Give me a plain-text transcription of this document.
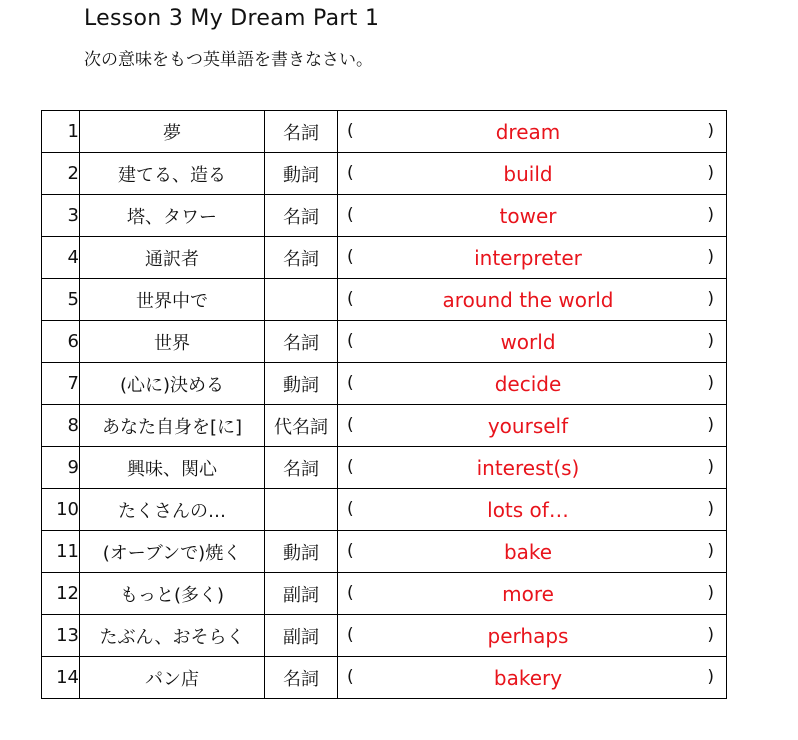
Lesson 3 My Dream Part 1
次の意味をもつ英単語を書きなさい。
1	夢	名詞	( dream )

2	建てる、造る	動詞	( build )

3	塔、タワー	名詞	( tower )

4	通訳者	名詞	( interpreter )

5	世界中で		( around the world )

6	世界	名詞	( world )

7	(心に)決める	動詞	( decide )

8	あなた自身を[に]	代名詞	( yourself )

9	興味、関心	名詞	( interest(s) )

10	たくさんの…		( lots of… )

11	(オーブンで)焼く	動詞	( bake )

12	もっと(多く)	副詞	( more )

13	たぶん、おそらく	副詞	( perhaps )

14	パン店	名詞	( bakery )
